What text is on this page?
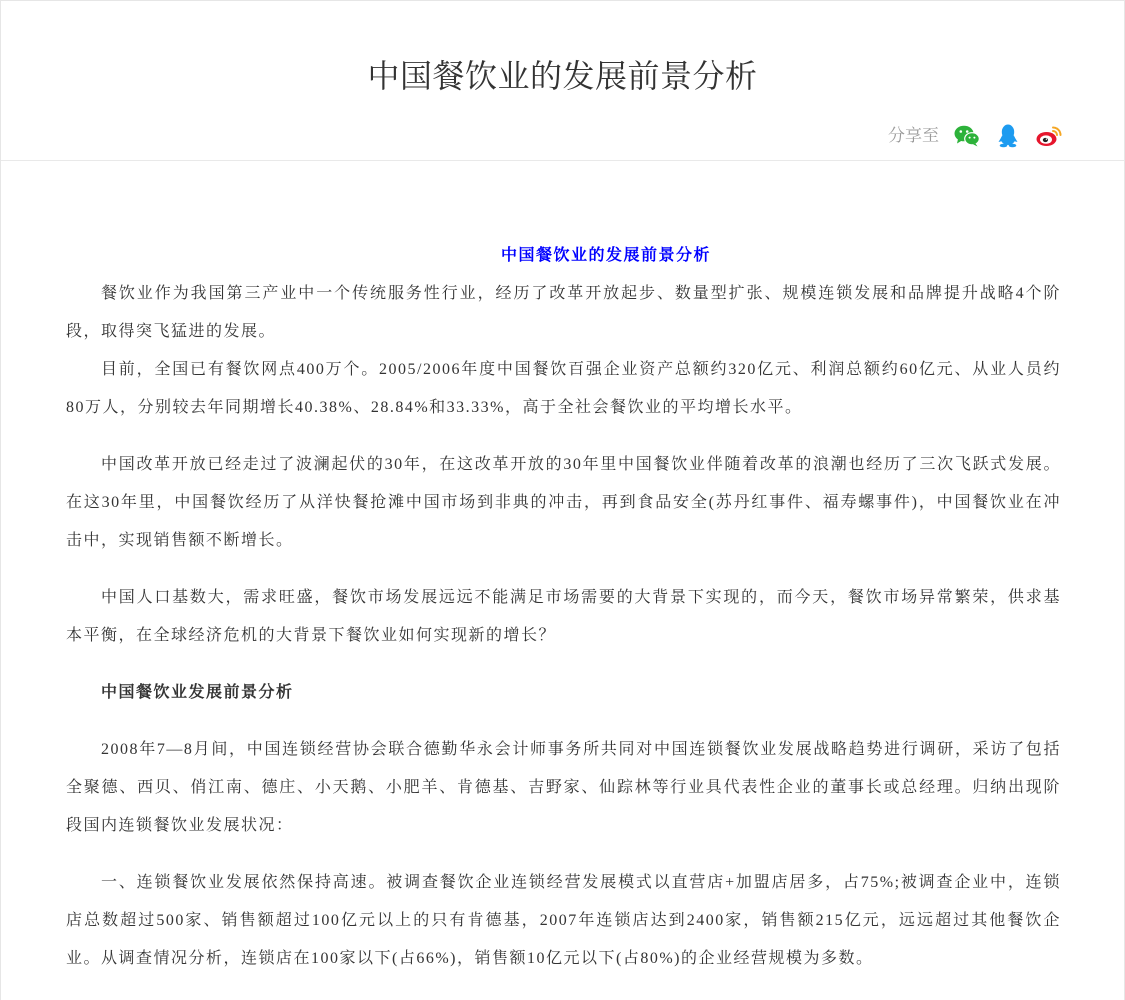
中国餐饮业的发展前景分析
分享至
中国餐饮业的发展前景分析

餐饮业作为我国第三产业中一个传统服务性行业，经历了改革开放起步、数量型扩张、规模连锁发展和品牌提升战略4个阶段，取得突飞猛进的发展。

目前，全国已有餐饮网点400万个。2005/2006年度中国餐饮百强企业资产总额约320亿元、利润总额约60亿元、从业人员约80万人，分别较去年同期增长40.38%、28.84%和33.33%，高于全社会餐饮业的平均增长水平。

中国改革开放已经走过了波澜起伏的30年，在这改革开放的30年里中国餐饮业伴随着改革的浪潮也经历了三次飞跃式发展。在这30年里，中国餐饮经历了从洋快餐抢滩中国市场到非典的冲击，再到食品安全(苏丹红事件、福寿螺事件)，中国餐饮业在冲击中，实现销售额不断增长。

中国人口基数大，需求旺盛，餐饮市场发展远远不能满足市场需要的大背景下实现的，而今天，餐饮市场异常繁荣，供求基本平衡，在全球经济危机的大背景下餐饮业如何实现新的增长？

中国餐饮业发展前景分析

2008年7—8月间，中国连锁经营协会联合德勤华永会计师事务所共同对中国连锁餐饮业发展战略趋势进行调研，采访了包括全聚德、西贝、俏江南、德庄、小天鹅、小肥羊、肯德基、吉野家、仙踪林等行业具代表性企业的董事长或总经理。归纳出现阶段国内连锁餐饮业发展状况：

一、连锁餐饮业发展依然保持高速。被调查餐饮企业连锁经营发展模式以直营店+加盟店居多，占75%;被调查企业中，连锁店总数超过500家、销售额超过100亿元以上的只有肯德基，2007年连锁店达到2400家，销售额215亿元，远远超过其他餐饮企业。从调查情况分析，连锁店在100家以下(占66%)，销售额10亿元以下(占80%)的企业经营规模为多数。
